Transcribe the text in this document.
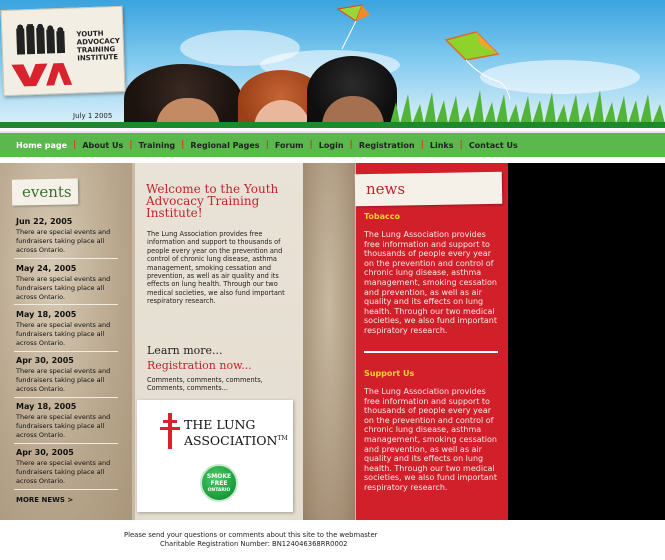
YOUTH
ADVOCACY
TRAINING
INSTITUTE
July 1 2005
Home page | About Us | Training | Regional Pages | Forum | Login | Registration | Links | Contact Us
events
Jun 22, 2005
There are special events and fundraisers taking place all across Ontario.
May 24, 2005
There are special events and fundraisers taking place all across Ontario.
May 18, 2005
There are special events and fundraisers taking place all across Ontario.
Apr 30, 2005
There are special events and fundraisers taking place all across Ontario.
May 18, 2005
There are special events and fundraisers taking place all across Ontario.
Apr 30, 2005
There are special events and fundraisers taking place all across Ontario.
MORE NEWS >
Welcome to the Youth Advocacy Training Institute!
The Lung Association provides free information and support to thousands of people every year on the prevention and control of chronic lung disease, asthma management, smoking cessation and prevention, as well as air quality and its effects on lung health. Through our two medical societies, we also fund important respiratory research.
Learn more...
Registration now...
Comments, comments, comments, Comments, comments...
THE LUNG ASSOCIATION™
SMOKE
FREE
ONTARIO
news
Tobacco
The Lung Association provides free information and support to thousands of people every year on the prevention and control of chronic lung disease, asthma management, smoking cessation and prevention, as well as air quality and its effects on lung health. Through our two medical societies, we also fund important respiratory research.
Support Us
The Lung Association provides free information and support to thousands of people every year on the prevention and control of chronic lung disease, asthma management, smoking cessation and prevention, as well as air quality and its effects on lung health. Through our two medical societies, we also fund important respiratory research.
Please send your questions or comments about this site to the webmaster
Charitable Registration Number: BN124046368RR0002
